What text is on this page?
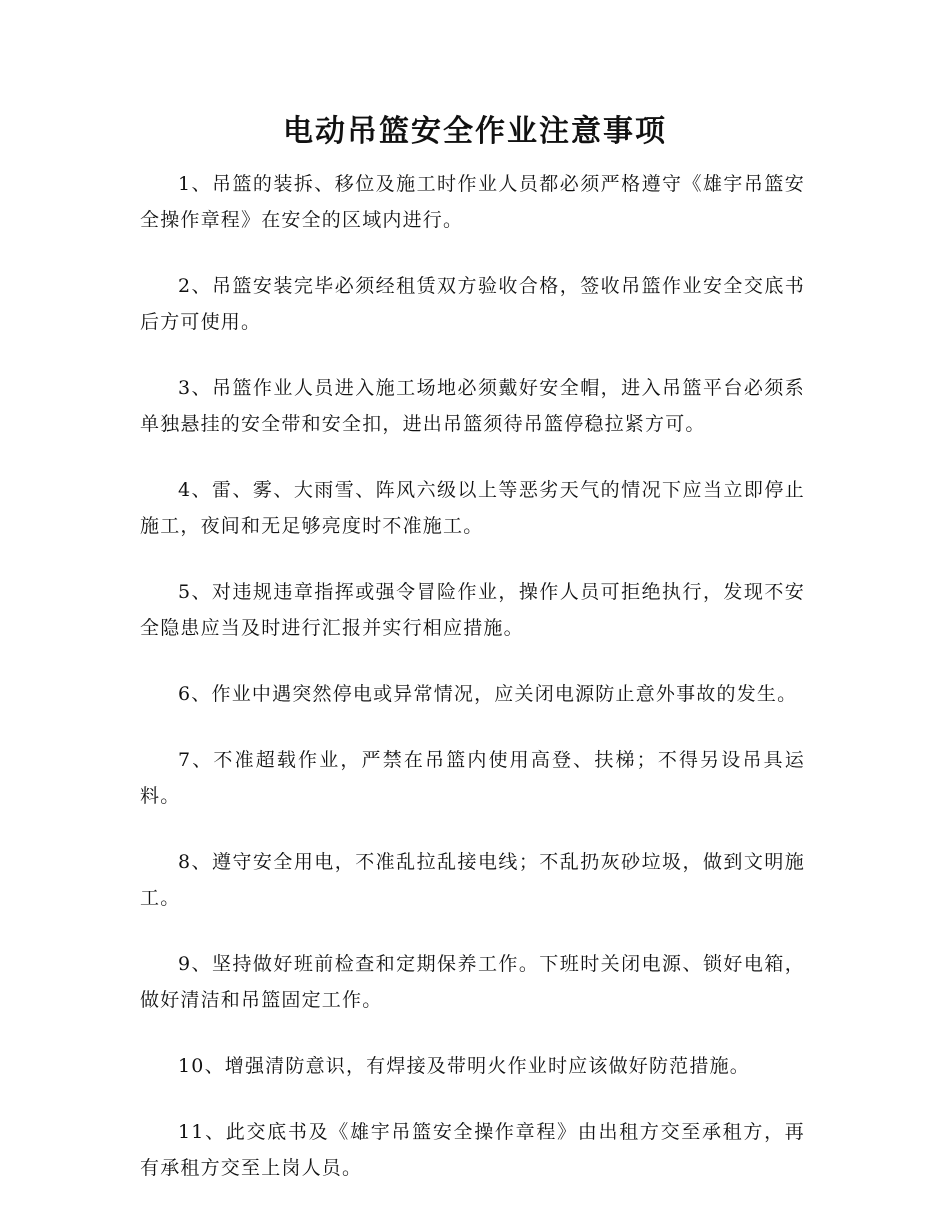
电动吊篮安全作业注意事项

1、吊篮的装拆、移位及施工时作业人员都必须严格遵守《雄宇吊篮安全操作章程》在安全的区域内进行。

2、吊篮安装完毕必须经租赁双方验收合格，签收吊篮作业安全交底书后方可使用。

3、吊篮作业人员进入施工场地必须戴好安全帽，进入吊篮平台必须系单独悬挂的安全带和安全扣，进出吊篮须待吊篮停稳拉紧方可。

4、雷、雾、大雨雪、阵风六级以上等恶劣天气的情况下应当立即停止施工，夜间和无足够亮度时不准施工。

5、对违规违章指挥或强令冒险作业，操作人员可拒绝执行，发现不安全隐患应当及时进行汇报并实行相应措施。

6、作业中遇突然停电或异常情况，应关闭电源防止意外事故的发生。

7、不准超载作业，严禁在吊篮内使用高登、扶梯；不得另设吊具运料。

8、遵守安全用电，不准乱拉乱接电线；不乱扔灰砂垃圾，做到文明施工。

9、坚持做好班前检查和定期保养工作。下班时关闭电源、锁好电箱，做好清洁和吊篮固定工作。

10、增强清防意识，有焊接及带明火作业时应该做好防范措施。

11、此交底书及《雄宇吊篮安全操作章程》由出租方交至承租方，再有承租方交至上岗人员。
